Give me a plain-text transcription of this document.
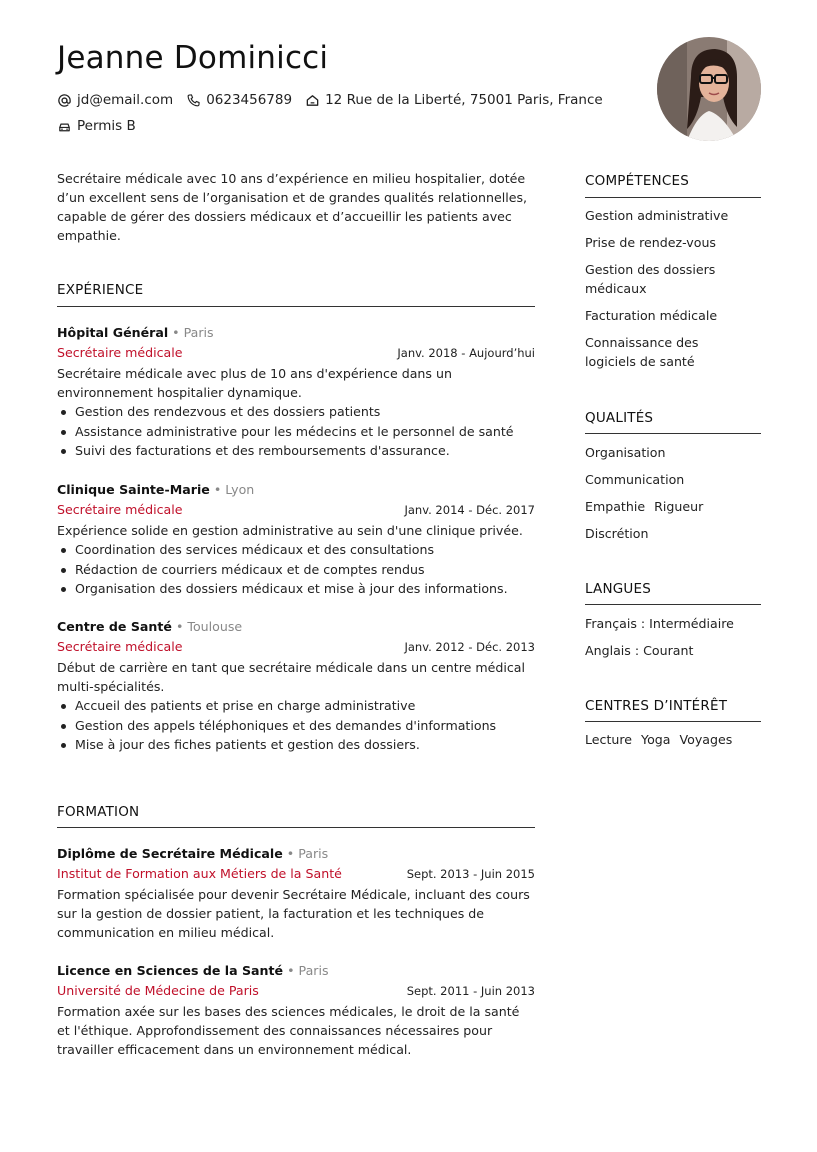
Jeanne Dominicci
jd@email.com 0623456789 12 Rue de la Liberté, 75001 Paris, France
Permis B
Secrétaire médicale avec 10 ans d’expérience en milieu hospitalier, dotée d’un excellent sens de l’organisation et de grandes qualités relationnelles, capable de gérer des dossiers médicaux et d’accueillir les patients avec empathie.
EXPÉRIENCE
Hôpital Général • Paris
Secrétaire médicale	Janv. 2018 - Aujourd’hui
Secrétaire médicale avec plus de 10 ans d'expérience dans un environnement hospitalier dynamique.
Gestion des rendezvous et des dossiers patients
Assistance administrative pour les médecins et le personnel de santé
Suivi des facturations et des remboursements d'assurance.
Clinique Sainte-Marie • Lyon
Secrétaire médicale	Janv. 2014 - Déc. 2017
Expérience solide en gestion administrative au sein d'une clinique privée.
Coordination des services médicaux et des consultations
Rédaction de courriers médicaux et de comptes rendus
Organisation des dossiers médicaux et mise à jour des informations.
Centre de Santé • Toulouse
Secrétaire médicale	Janv. 2012 - Déc. 2013
Début de carrière en tant que secrétaire médicale dans un centre médical multi-spécialités.
Accueil des patients et prise en charge administrative
Gestion des appels téléphoniques et des demandes d'informations
Mise à jour des fiches patients et gestion des dossiers.
FORMATION
Diplôme de Secrétaire Médicale • Paris
Institut de Formation aux Métiers de la Santé	Sept. 2013 - Juin 2015
Formation spécialisée pour devenir Secrétaire Médicale, incluant des cours sur la gestion de dossier patient, la facturation et les techniques de communication en milieu médical.
Licence en Sciences de la Santé • Paris
Université de Médecine de Paris	Sept. 2011 - Juin 2013
Formation axée sur les bases des sciences médicales, le droit de la santé et l'éthique. Approfondissement des connaissances nécessaires pour travailler efficacement dans un environnement médical.
COMPÉTENCES
Gestion administrative
Prise de rendez-vous
Gestion des dossiers médicaux
Facturation médicale
Connaissance des logiciels de santé
QUALITÉS
Organisation
Communication
Empathie Rigueur
Discrétion
LANGUES
Français : Intermédiaire
Anglais : Courant
CENTRES D’INTÉRÊT
Lecture Yoga Voyages
